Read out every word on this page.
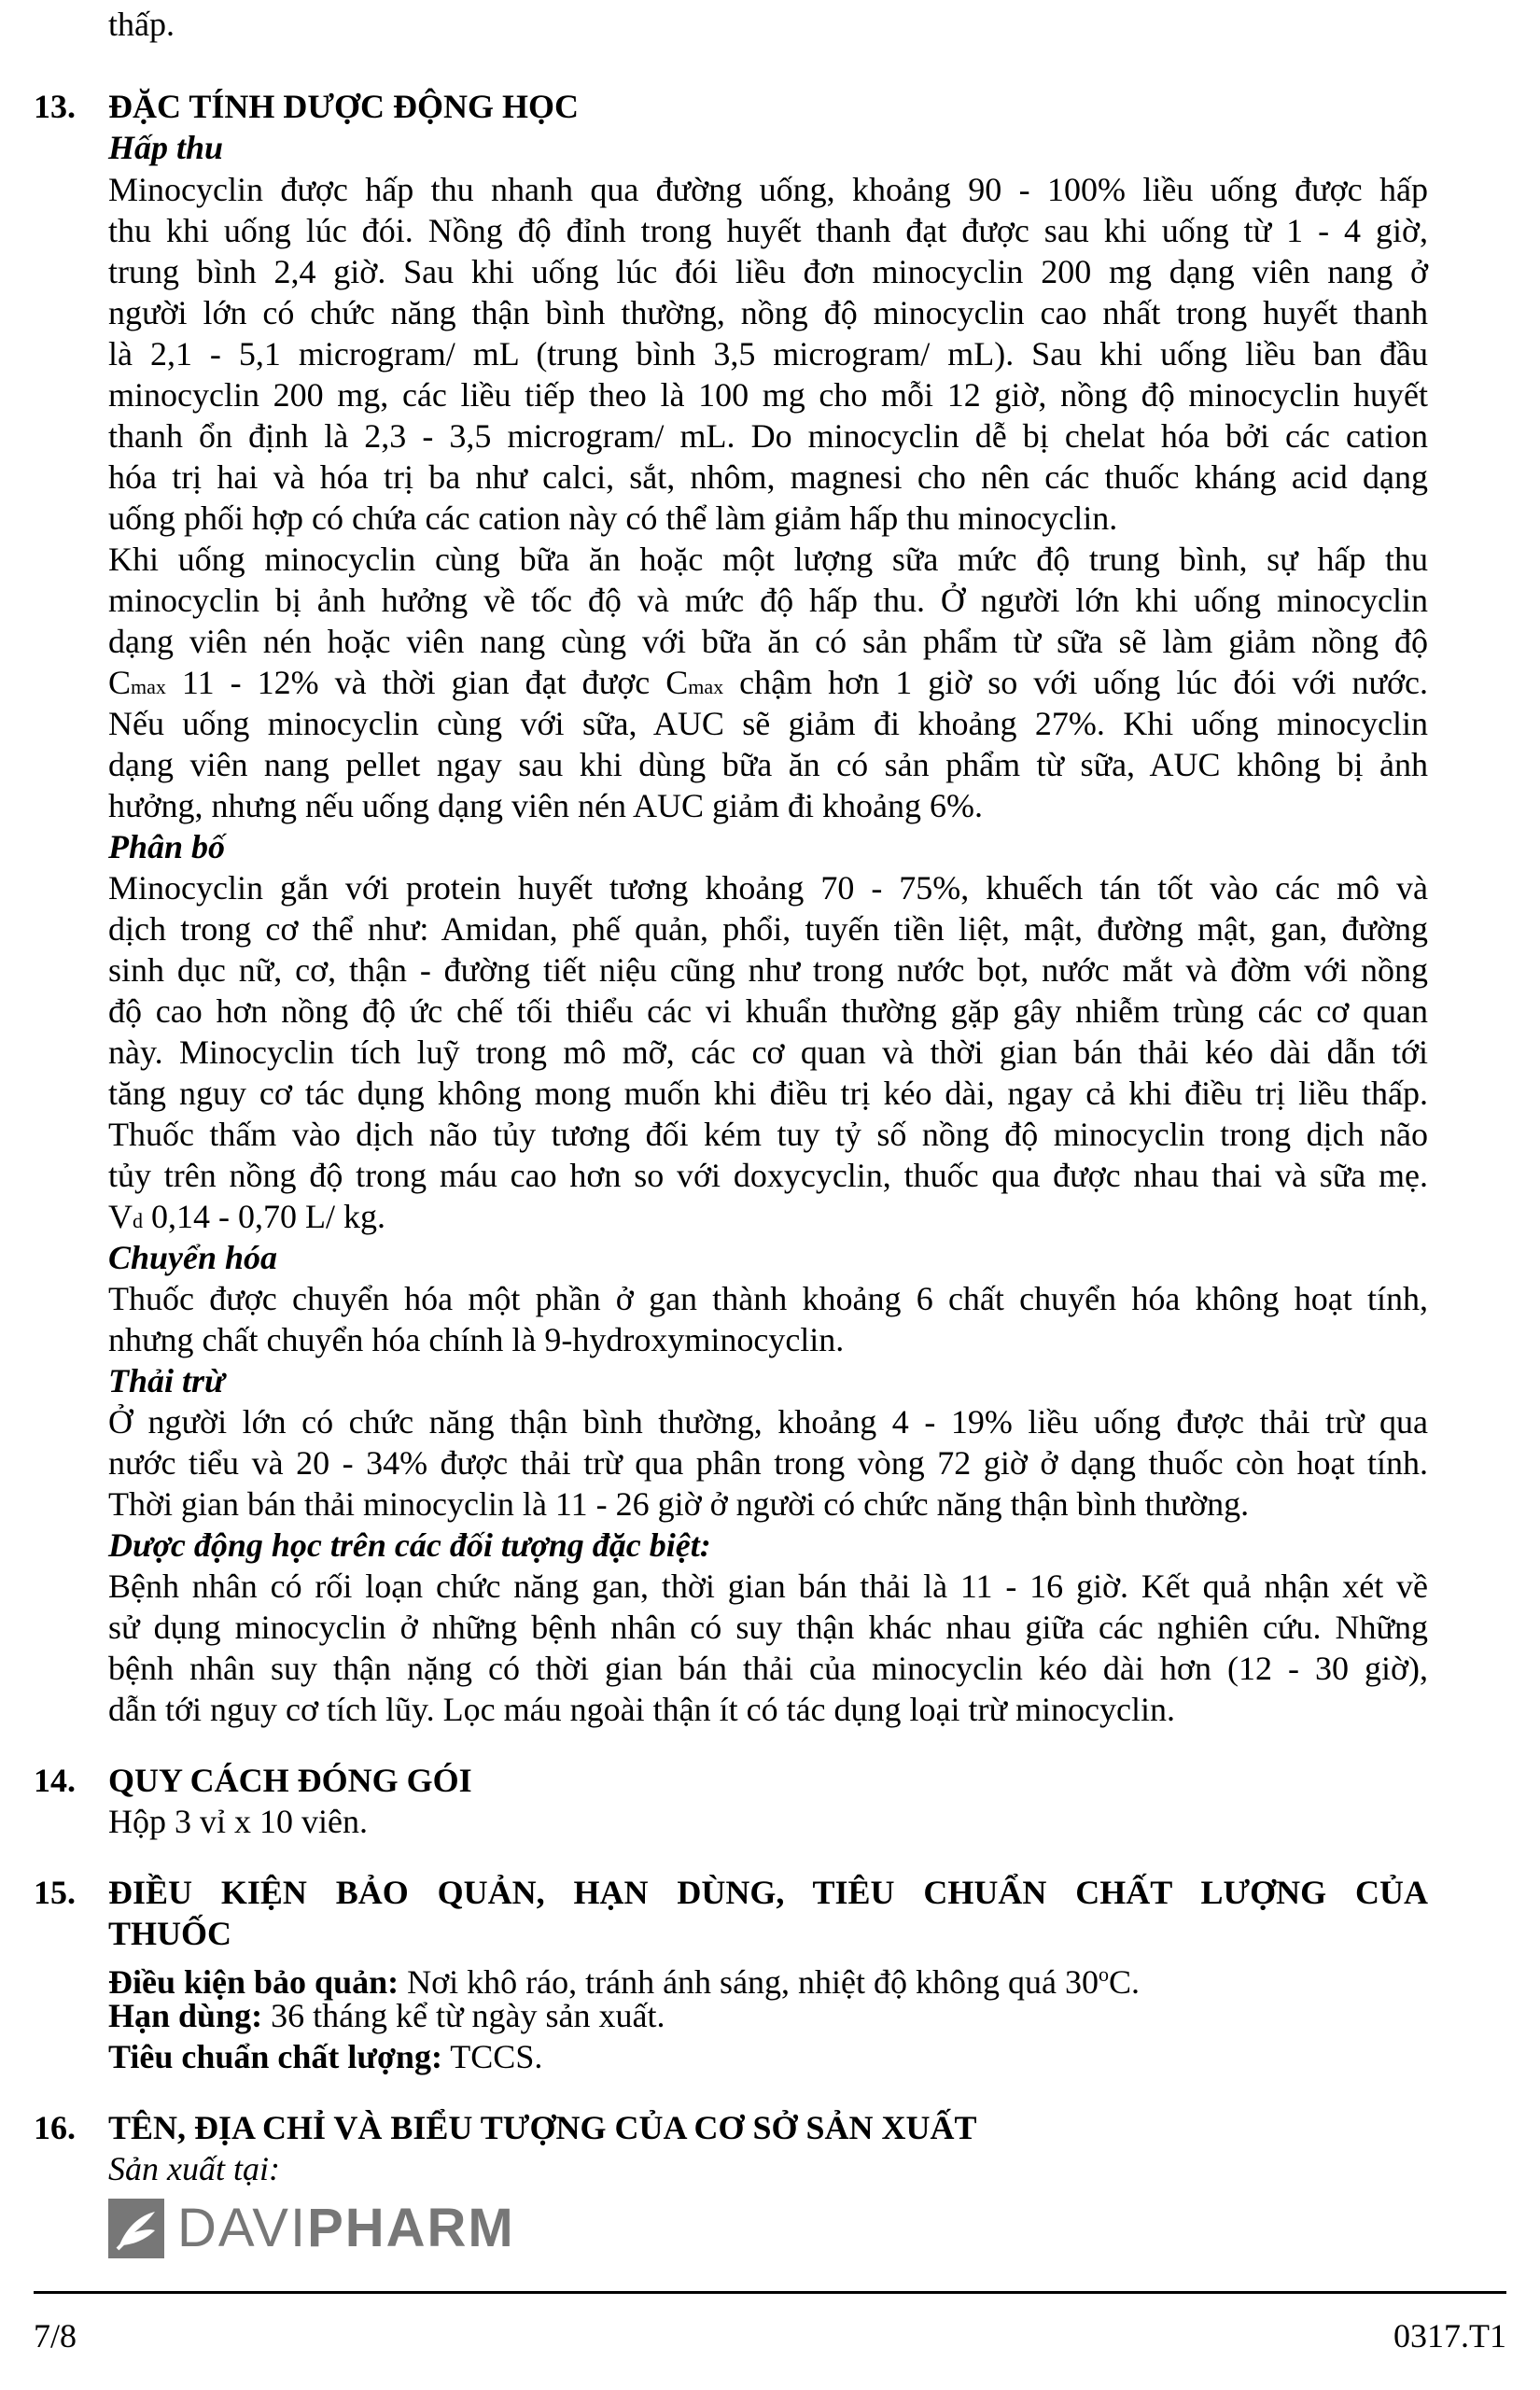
thấp.
13. ĐẶC TÍNH DƯỢC ĐỘNG HỌC
Hấp thu
Minocyclin được hấp thu nhanh qua đường uống, khoảng 90 - 100% liều uống được hấp
thu khi uống lúc đói. Nồng độ đỉnh trong huyết thanh đạt được sau khi uống từ 1 - 4 giờ,
trung bình 2,4 giờ. Sau khi uống lúc đói liều đơn minocyclin 200 mg dạng viên nang ở
người lớn có chức năng thận bình thường, nồng độ minocyclin cao nhất trong huyết thanh
là 2,1 - 5,1 microgram/ mL (trung bình 3,5 microgram/ mL). Sau khi uống liều ban đầu
minocyclin 200 mg, các liều tiếp theo là 100 mg cho mỗi 12 giờ, nồng độ minocyclin huyết
thanh ổn định là 2,3 - 3,5 microgram/ mL. Do minocyclin dễ bị chelat hóa bởi các cation
hóa trị hai và hóa trị ba như calci, sắt, nhôm, magnesi cho nên các thuốc kháng acid dạng
uống phối hợp có chứa các cation này có thể làm giảm hấp thu minocyclin.
Khi uống minocyclin cùng bữa ăn hoặc một lượng sữa mức độ trung bình, sự hấp thu
minocyclin bị ảnh hưởng về tốc độ và mức độ hấp thu. Ở người lớn khi uống minocyclin
dạng viên nén hoặc viên nang cùng với bữa ăn có sản phẩm từ sữa sẽ làm giảm nồng độ
Cmax 11 - 12% và thời gian đạt được Cmax chậm hơn 1 giờ so với uống lúc đói với nước.
Nếu uống minocyclin cùng với sữa, AUC sẽ giảm đi khoảng 27%. Khi uống minocyclin
dạng viên nang pellet ngay sau khi dùng bữa ăn có sản phẩm từ sữa, AUC không bị ảnh
hưởng, nhưng nếu uống dạng viên nén AUC giảm đi khoảng 6%.
Phân bố
Minocyclin gắn với protein huyết tương khoảng 70 - 75%, khuếch tán tốt vào các mô và
dịch trong cơ thể như: Amidan, phế quản, phổi, tuyến tiền liệt, mật, đường mật, gan, đường
sinh dục nữ, cơ, thận - đường tiết niệu cũng như trong nước bọt, nước mắt và đờm với nồng
độ cao hơn nồng độ ức chế tối thiểu các vi khuẩn thường gặp gây nhiễm trùng các cơ quan
này. Minocyclin tích luỹ trong mô mỡ, các cơ quan và thời gian bán thải kéo dài dẫn tới
tăng nguy cơ tác dụng không mong muốn khi điều trị kéo dài, ngay cả khi điều trị liều thấp.
Thuốc thấm vào dịch não tủy tương đối kém tuy tỷ số nồng độ minocyclin trong dịch não
tủy trên nồng độ trong máu cao hơn so với doxycyclin, thuốc qua được nhau thai và sữa mẹ.
Vd 0,14 - 0,70 L/ kg.
Chuyển hóa
Thuốc được chuyển hóa một phần ở gan thành khoảng 6 chất chuyển hóa không hoạt tính,
nhưng chất chuyển hóa chính là 9-hydroxyminocyclin.
Thải trừ
Ở người lớn có chức năng thận bình thường, khoảng 4 - 19% liều uống được thải trừ qua
nước tiểu và 20 - 34% được thải trừ qua phân trong vòng 72 giờ ở dạng thuốc còn hoạt tính.
Thời gian bán thải minocyclin là 11 - 26 giờ ở người có chức năng thận bình thường.
Dược động học trên các đối tượng đặc biệt:
Bệnh nhân có rối loạn chức năng gan, thời gian bán thải là 11 - 16 giờ. Kết quả nhận xét về
sử dụng minocyclin ở những bệnh nhân có suy thận khác nhau giữa các nghiên cứu. Những
bệnh nhân suy thận nặng có thời gian bán thải của minocyclin kéo dài hơn (12 - 30 giờ),
dẫn tới nguy cơ tích lũy. Lọc máu ngoài thận ít có tác dụng loại trừ minocyclin.
14. QUY CÁCH ĐÓNG GÓI
Hộp 3 vỉ x 10 viên.
15. ĐIỀU KIỆN BẢO QUẢN, HẠN DÙNG, TIÊU CHUẨN CHẤT LƯỢNG CỦA
THUỐC
Điều kiện bảo quản: Nơi khô ráo, tránh ánh sáng, nhiệt độ không quá 30$^o$C.
Hạn dùng: 36 tháng kể từ ngày sản xuất.
Tiêu chuẩn chất lượng: TCCS.
16. TÊN, ĐỊA CHỈ VÀ BIỂU TƯỢNG CỦA CƠ SỞ SẢN XUẤT
Sản xuất tại:
DAVIPHARM
7/8	0317.T1
